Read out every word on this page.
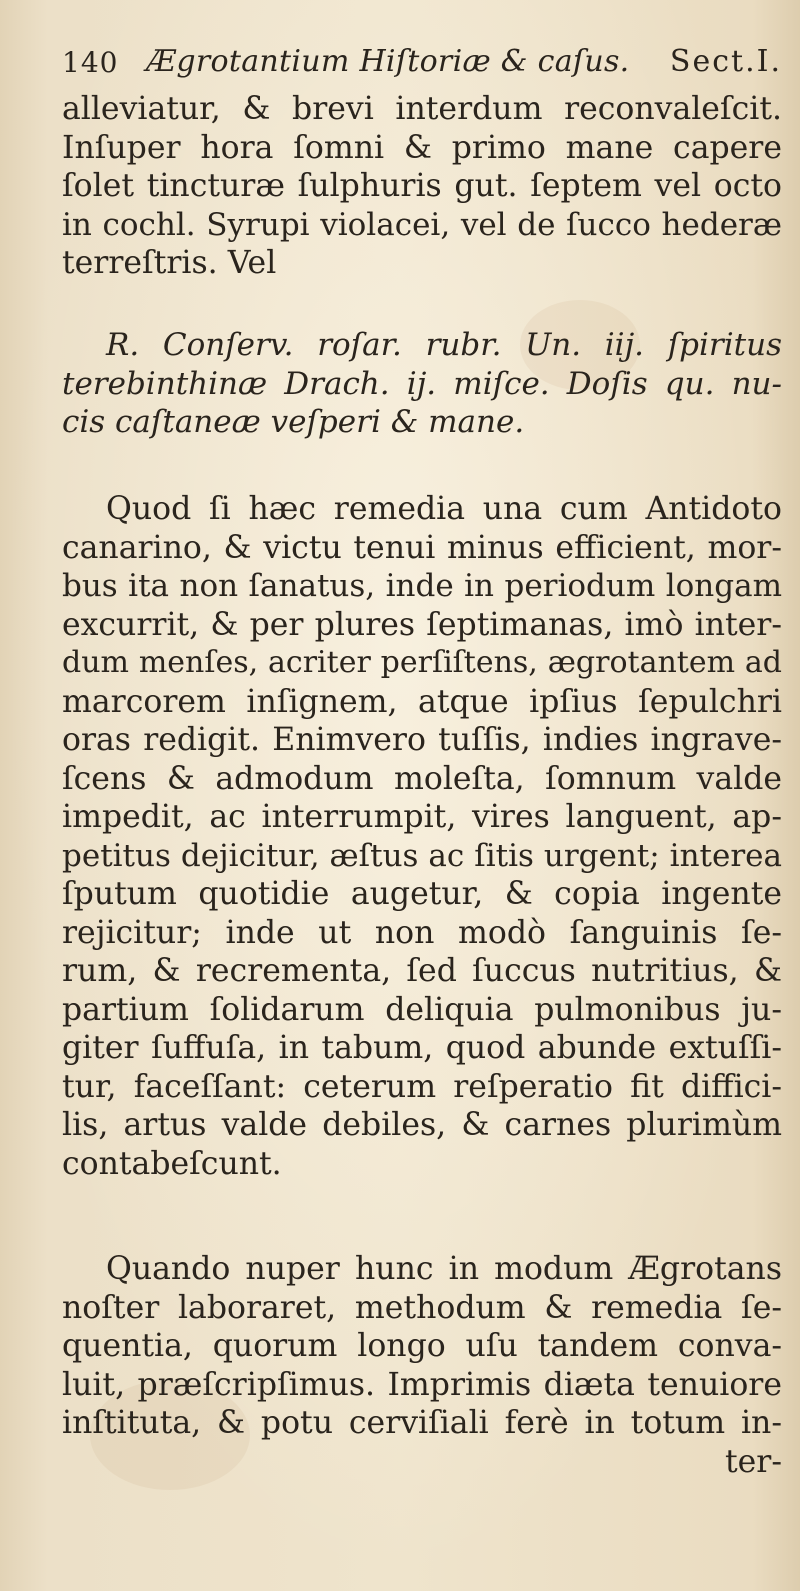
140 Ægrotantium Hiſtoriæ & caſus. Sect.I.
alleviatur, & brevi interdum reconvaleſcit.
Inſuper hora ſomni & primo mane capere
ſolet tincturæ ſulphuris gut. ſeptem vel octo
in cochl. Syrupi violacei, vel de ſucco hederæ
terreſtris. Vel
R. Conſerv. roſar. rubr. Un. iij. ſpiritus
terebinthinæ Drach. ij. miſce. Doſis qu. nu-
cis caſtaneæ veſperi & mane.
Quod ſi hæc remedia una cum Antidoto
canarino, & victu tenui minus efficient, mor-
bus ita non ſanatus, inde in periodum longam
excurrit, & per plures ſeptimanas, imò inter-
dum menſes, acriter perſiſtens, ægrotantem ad
marcorem inſignem, atque ipſius ſepulchri
oras redigit. Enimvero tuſſis, indies ingrave-
ſcens & admodum moleſta, ſomnum valde
impedit, ac interrumpit, vires languent, ap-
petitus dejicitur, æſtus ac ſitis urgent; interea
ſputum quotidie augetur, & copia ingente
rejicitur; inde ut non modò ſanguinis ſe-
rum, & recrementa, ſed ſuccus nutritius, &
partium ſolidarum deliquia pulmonibus ju-
giter ſuffuſa, in tabum, quod abunde extuſſi-
tur, faceſſant: ceterum reſperatio fit diffici-
lis, artus valde debiles, & carnes plurimùm
contabeſcunt.
Quando nuper hunc in modum Ægrotans
noſter laboraret, methodum & remedia ſe-
quentia, quorum longo uſu tandem conva-
luit, præſcripſimus. Imprimis diæta tenuiore
inſtituta, & potu cerviſiali ferè in totum in-
ter-
